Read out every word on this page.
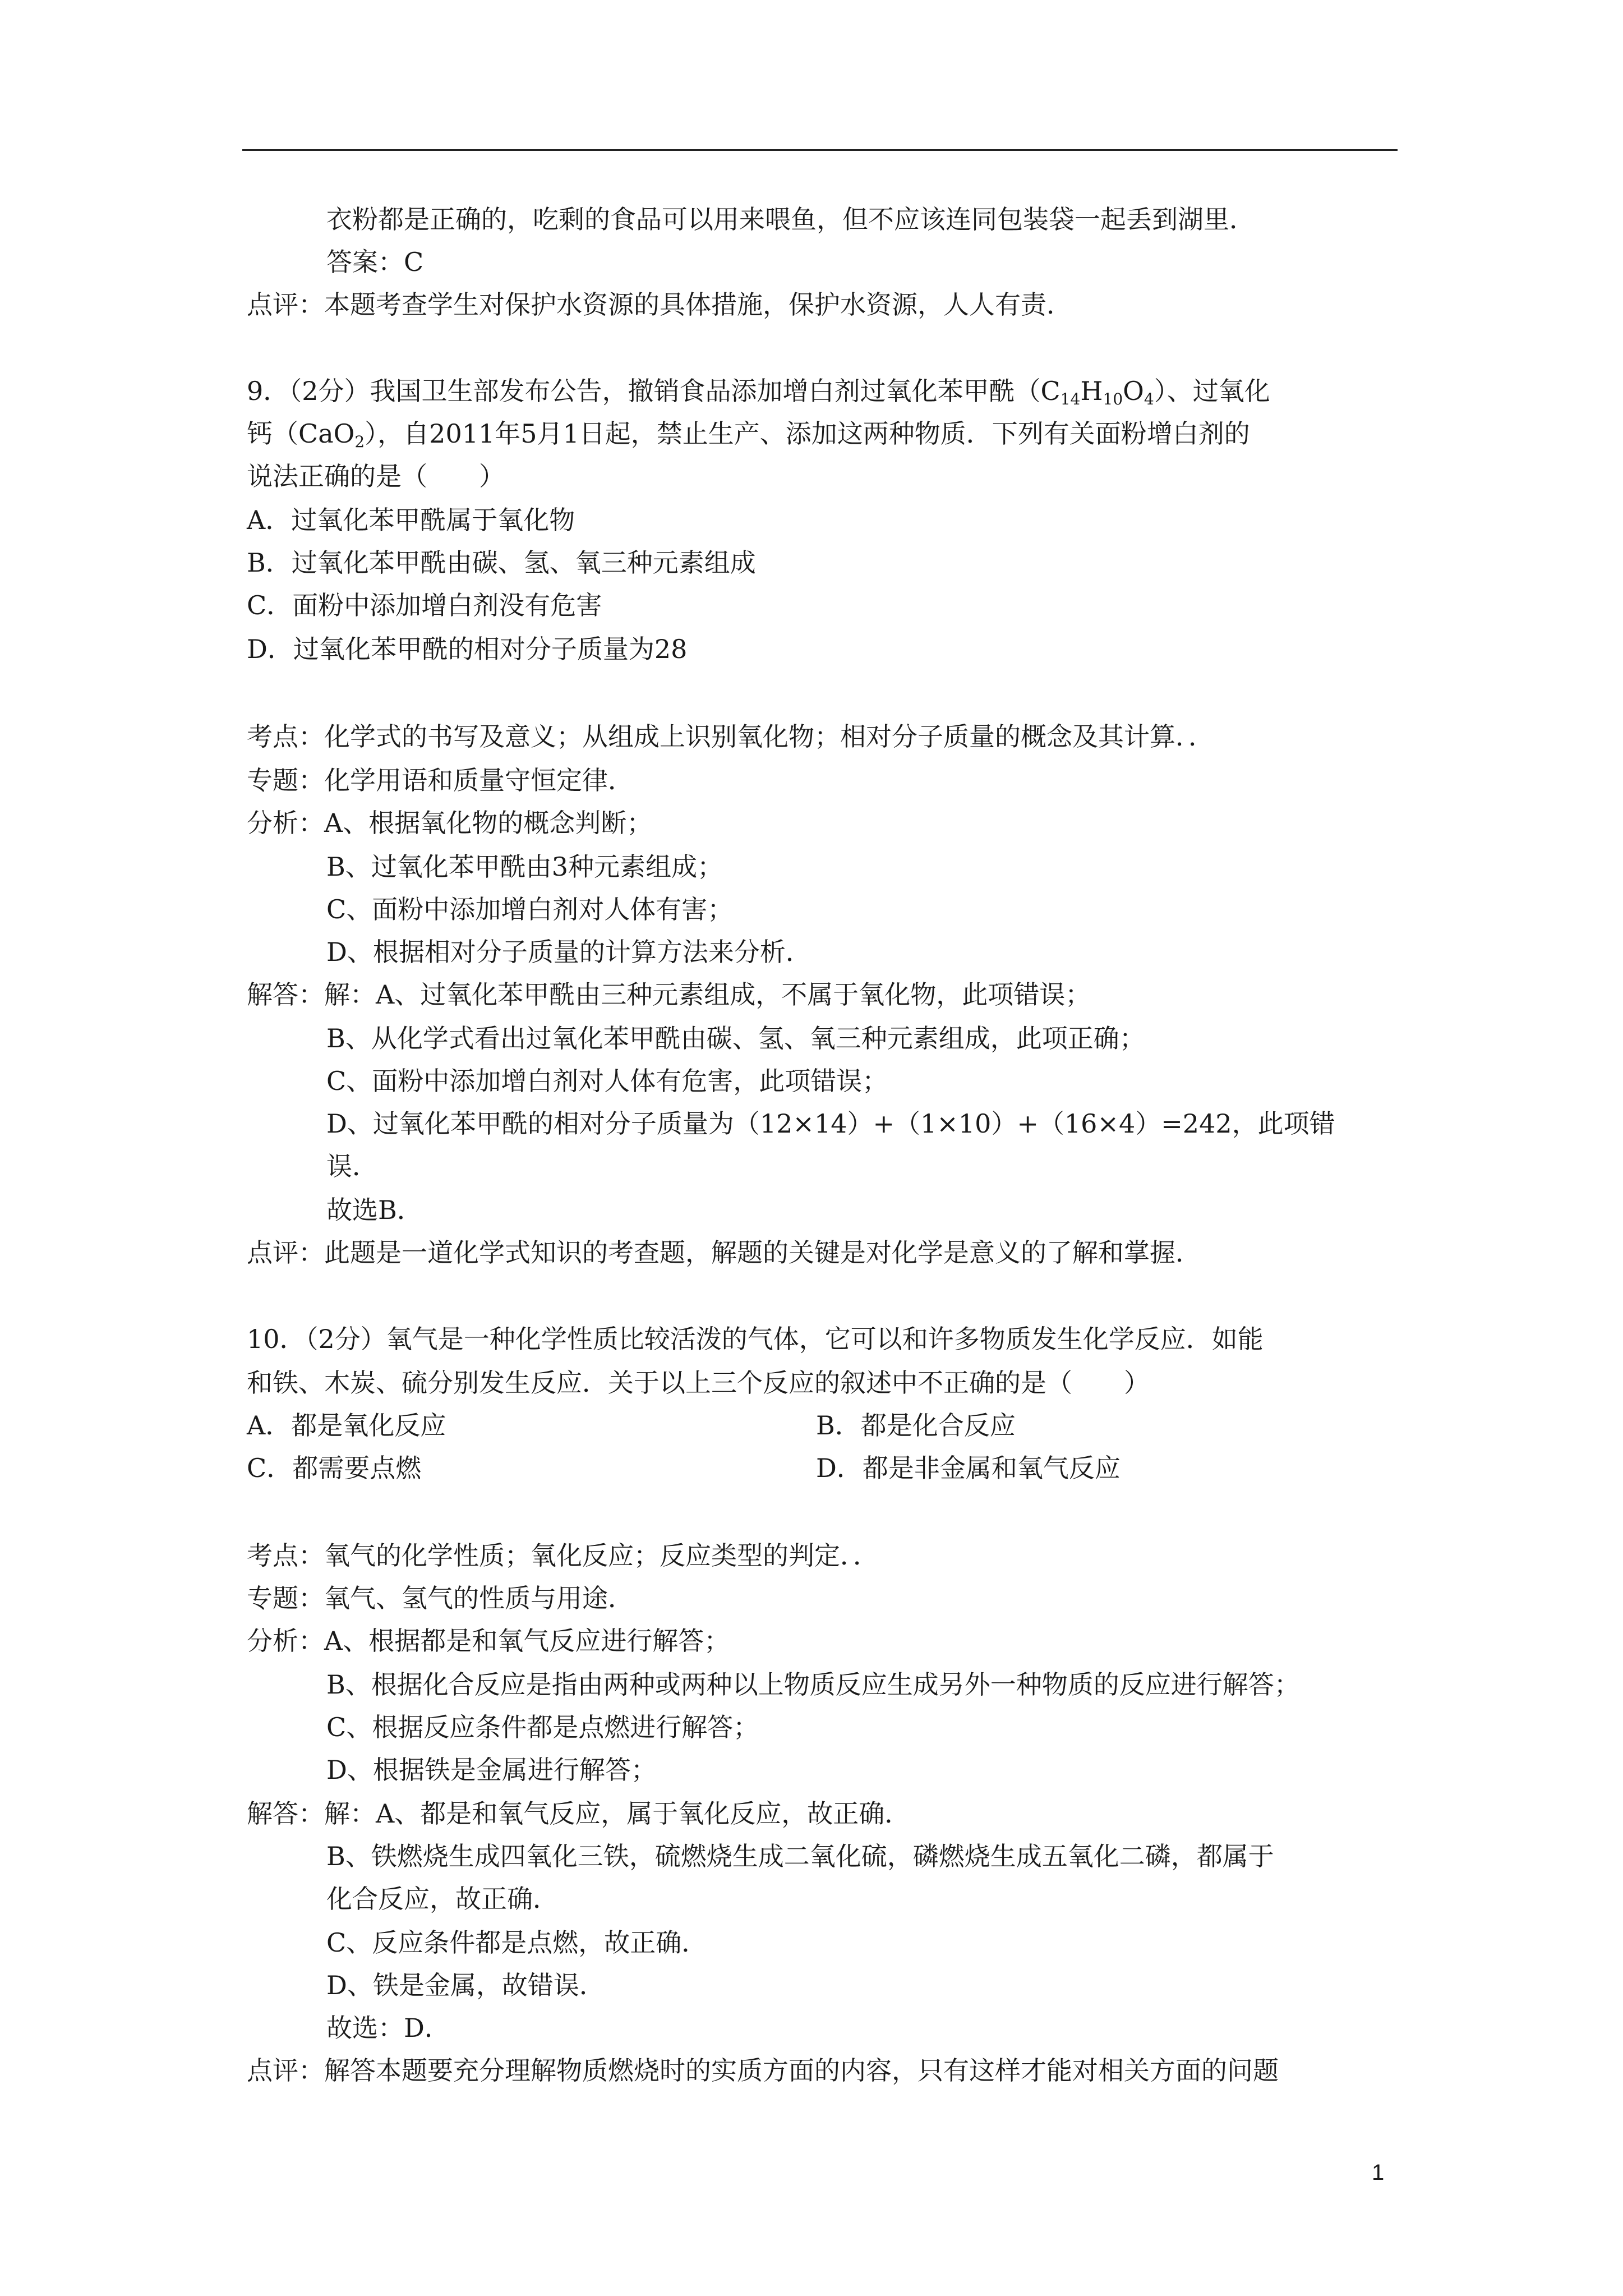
衣粉都是正确的，吃剩的食品可以用来喂鱼，但不应该连同包装袋一起丢到湖里．
答案：C
点评：本题考查学生对保护水资源的具体措施，保护水资源，人人有责．
9．（2分）我国卫生部发布公告，撤销食品添加增白剂过氧化苯甲酰$(C_{14}H_{10}O_4)$、过氧化
钙（CaO$_2$），自2011年5月1日起，禁止生产、添加这两种物质．下列有关面粉增白剂的
说法正确的是（　　）
A．过氧化苯甲酰属于氧化物
B．过氧化苯甲酰由碳、氢、氧三种元素组成
C．面粉中添加增白剂没有危害
D．过氧化苯甲酰的相对分子质量为28
考点：化学式的书写及意义；从组成上识别氧化物；相对分子质量的概念及其计算．．
专题：化学用语和质量守恒定律．
分析：A、根据氧化物的概念判断；
B、过氧化苯甲酰由3种元素组成；
C、面粉中添加增白剂对人体有害；
D、根据相对分子质量的计算方法来分析．
解答：解：A、过氧化苯甲酰由三种元素组成，不属于氧化物，此项错误；
B、从化学式看出过氧化苯甲酰由碳、氢、氧三种元素组成，此项正确；
C、面粉中添加增白剂对人体有危害，此项错误；
D、过氧化苯甲酰的相对分子质量为（12×14）+（1×10）+（16×4）=242，此项错
误．
故选B．
点评：此题是一道化学式知识的考查题，解题的关键是对化学是意义的了解和掌握．
10．（2分）氧气是一种化学性质比较活泼的气体，它可以和许多物质发生化学反应．如能
和铁、木炭、硫分别发生反应．关于以上三个反应的叙述中不正确的是（　　）
A．都是氧化反应	B．都是化合反应
C．都需要点燃	D．都是非金属和氧气反应
考点：氧气的化学性质；氧化反应；反应类型的判定．．
专题：氧气、氢气的性质与用途．
分析：A、根据都是和氧气反应进行解答；
B、根据化合反应是指由两种或两种以上物质反应生成另外一种物质的反应进行解答；
C、根据反应条件都是点燃进行解答；
D、根据铁是金属进行解答；
解答：解：A、都是和氧气反应，属于氧化反应，故正确．
B、铁燃烧生成四氧化三铁，硫燃烧生成二氧化硫，磷燃烧生成五氧化二磷，都属于
化合反应，故正确．
C、反应条件都是点燃，故正确．
D、铁是金属，故错误．
故选：D．
点评：解答本题要充分理解物质燃烧时的实质方面的内容，只有这样才能对相关方面的问题
1
